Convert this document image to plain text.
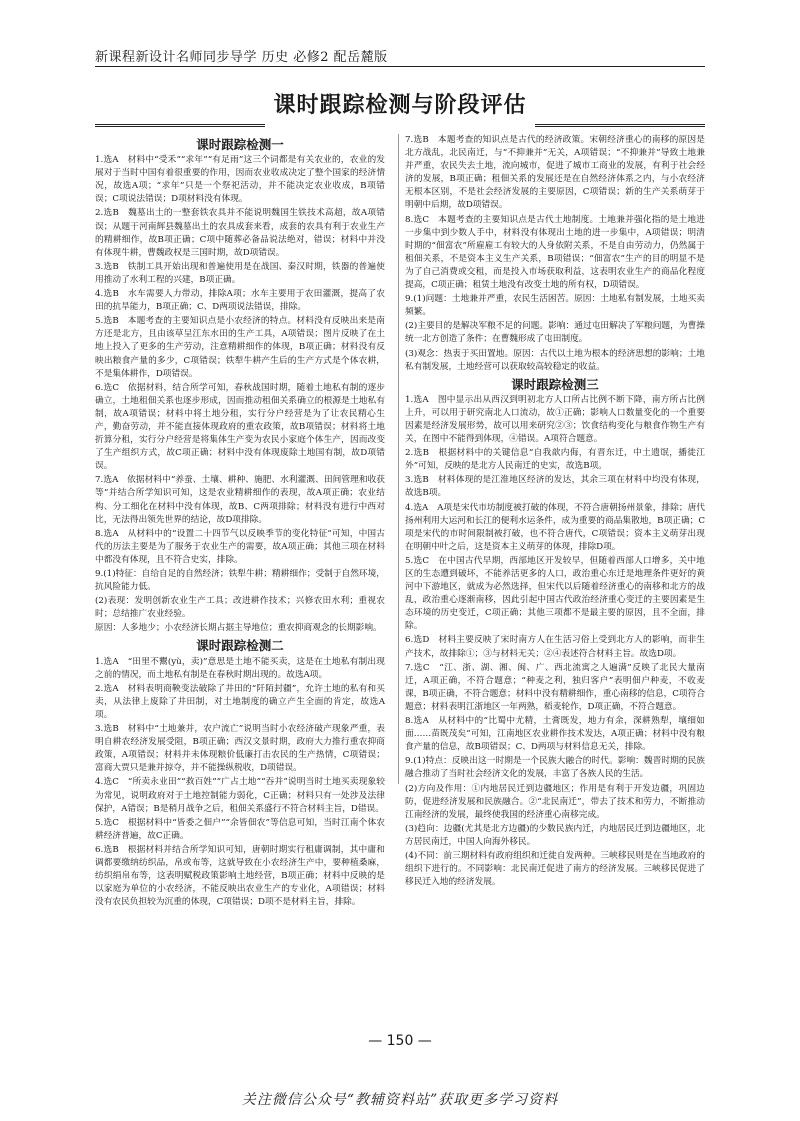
新课程新设计名师同步导学 历史 必修2 配岳麓版
课时跟踪检测与阶段评估
课时跟踪检测一
1.选A　材料中“受禾”“求年”“有足雨”这三个词都是有关农业的，农业的发展对于当时中国有着很重要的作用，因而农业收成决定了整个国家的经济情况，故选A项；“求年”只是一个祭祀活动，并不能决定农业收成，B项错误；C项说法错误；D项材料没有体现。
2.选B　魏墓出土的一整套铁农具并不能说明魏国生铁技术高超，故A项错误；从题干河南辉县魏墓出土的农具成套来看，成套的农具有利于农业生产的精耕细作，故B项正确；C项中随葬必备品说法绝对，错误；材料中并没有体现牛耕，曹魏政权是三国时期，故D项错误。
3.选B　铁制工具开始出现和普遍使用是在战国、秦汉时期，铁器的普遍使用推动了水利工程的兴建，B项正确。
4.选B　水车需要人力带动，排除A项；水车主要用于农田灌溉，提高了农田的抗旱能力，B项正确；C、D两项说法错误，排除。
5.选B　本题考查的主要知识点是小农经济的特点。材料没有反映出来是南方还是北方，且由该草呈江东水田的生产工具，A项错误；图片反映了在土地上投入了更多的生产劳动，注意精耕细作的体现，B项正确；材料没有反映出粮食产量的多少，C项错误；铁犁牛耕产生后的生产方式是个体农耕，不是集体耕作，D项错误。
6.选C　依据材料，结合所学可知，春秋战国时期，随着土地私有制的逐步确立，土地租佃关系也逐步形成，因而推动租佃关系确立的根源是土地私有制，故A项错误；材料中将土地分租，实行分户经营是为了让农民精心生产，勤奋劳动，并不能直接体现政府的重农政策，故B项错误；材料将土地折算分租，实行分户经营是将集体生产变为农民小家庭个体生产，因而改变了生产组织方式，故C项正确；材料中没有体现废除土地国有制，故D项错误。
7.选A　依据材料中“养蚕、土壤、耕种、施肥、水利灌溉、田间管理和收获等”并结合所学知识可知，这是农业精耕细作的表现，故A项正确；农业结构、分工细化在材料中没有体现，故B、C两项排除；材料没有进行中西对比，无法得出领先世界的结论，故D项排除。
8.选A　从材料中的“设置二十四节气以反映季节的变化特征”可知，中国古代的历法主要是为了服务于农业生产的需要，故A项正确；其他三项在材料中都没有体现，且不符合史实，排除。
9.(1)特征：自给自足的自然经济；铁犁牛耕；精耕细作；受制于自然环境，抗风险能力低。
(2)表现：发明创新农业生产工具；改进耕作技术；兴修农田水利；重视农时；总结推广农业经验。
原因：人多地少；小农经济长期占据主导地位；重农抑商观念的长期影响。
课时跟踪检测二
1.选A　“田里不鬻(yù，卖)”意思是土地不能买卖，这是在土地私有制出现之前的情况，而土地私有制是在春秋时期出现的。故选A项。
2.选A　材料表明商鞅变法破除了井田的“阡陌封疆”，允许土地的私有和买卖，从法律上废除了井田制，对土地制度的确立产生全面的肯定，故选A项。
3.选B　材料中“土地兼并，农户流亡”说明当时小农经济破产现象严重，表明自耕农经济发展受阻，B项正确；西汉文景时期，政府大力推行重农抑商政策，A项错误；材料并未体现粮价低廉打击农民的生产热情，C项错误；富商大贾只是兼并掠夺，并不能操纵税收，D项错误。
4.选C　“所卖永业田”“救百姓”“广占土地”“吞并”说明当时土地买卖现象较为常见，说明政府对于土地控制能力弱化，C正确；材料只有一处涉及法律保护，A错误；B是稍月战争之后，租佃关系盛行不符合材料主旨，D错误。
5.选C　根据材料中“皆委之佃户”“余皆佃农”等信息可知，当时江南个体农耕经济普遍，故C正确。
6.选B　根据材料并结合所学知识可知，唐朝时期实行租庸调制，其中庸和调都要缴纳纺织品，帛或布等，这就导致在小农经济生产中，要种植桑麻，纺织绢帛布等，这表明赋税政策影响土地经营，B项正确；材料中反映的是以家庭为单位的小农经济，不能反映出农业生产的专业化，A项错误；材料没有农民负担较为沉重的体现，C项错误；D项不是材料主旨，排除。
7.选B　本题考查的知识点是古代的经济政策。宋朝经济重心的南移的原因是北方战乱，北民南迁，与“不抑兼并”无关，A项错误；“不抑兼并”导致土地兼并严重，农民失去土地，流向城市，促进了城市工商业的发展，有利于社会经济的发展，B项正确；租佃关系的发展还是在自然经济体系之内，与小农经济无根本区别，不是社会经济发展的主要原因，C项错误；新的生产关系萌芽于明朝中后期，故D项错误。
8.选C　本题考查的主要知识点是古代土地制度。土地兼并强化指的是土地进一步集中到少数人手中，材料没有体现出土地的进一步集中，A项错误；明清时期的“佃富农”所雇雇工有较大的人身依附关系，不是自由劳动力，仍然属于租佃关系，不是资本主义生产关系，B项错误；“佃富农”生产的目的明显不是为了自己消费或交租，而是投入市场获取利益，这表明农业生产的商品化程度提高，C项正确；租赁土地没有改变土地的所有权，D项错误。
9.(1)问题：土地兼并严重，农民生活困苦。原因：土地私有制发展，土地买卖频繁。
(2)主要目的是解决军粮不足的问题。影响：通过屯田解决了军粮问题，为曹操统一北方创造了条件；在曹魏形成了屯田制度。
(3)观念：热衷于买田置地。原因：古代以土地为根本的经济思想的影响；土地私有制发展，土地经营可以获取较高较稳定的收益。
课时跟踪检测三
1.选A　图中显示出从西汉到明初北方人口所占比例不断下降，南方所占比例上升，可以用于研究南北人口流动，故①正确；影响人口数量变化的一个重要因素是经济发展形势，故可以用来研究②③；饮食结构变化与粮食作物生产有关，在图中不能得到体现，④错误。A项符合题意。
2.选B　根据材料中的关键信息“自我歆内侮，有晋东迁，中土遗氓，播徙江外”可知，反映的是北方人民南迁的史实，故选B项。
3.选B　材料体现的是江淮地区经济的发达，其余三项在材料中均没有体现，故选B项。
4.选A　A项是宋代市坊制度被打破的体现，不符合唐朝扬州景象，排除；唐代扬州利用大运河和长江的便利水运条件，成为重要的商品集散地，B项正确；C项是宋代的市时间限制被打破，也不符合唐代，C项错误；资本主义萌芽出现在明朝中叶之后，这是资本主义萌芽的体现，排除D项。
5.选C　在中国古代早期，西部地区开发较早，但随着西部人口增多，关中地区的生态遭到破坏，不能养活更多的人口，政治重心东迁是地理条件更好的黄河中下游地区，就成为必然选择，但宋代以后随着经济重心的南移和北方的战乱，政治重心逐渐南移，因此引起中国古代政治经济重心变迁的主要因素是生态环境的历史变迁，C项正确；其他三项都不是最主要的原因，且不全面，排除。
6.选D　材料主要反映了宋时南方人在生活习俗上受到北方人的影响，而非生产技术，故排除①；③与材料无关；②④表述符合材料主旨。故选D项。
7.选C　“江、浙、湖、湘、闽、广、西北流寓之人遍满”反映了北民大量南迁，A项正确，不符合题意；“种麦之利，独归客户”表明佃户种麦，不收麦课，B项正确，不符合题意；材料中没有精耕细作，重心南移的信息，C项符合题意；材料表明江浙地区一年两熟，稻麦轮作，D项正确，不符合题意。
8.选A　从材料中的“比蜀中尤精，土膏既发，地力有余，深耕熟犁，壤细如面……苗既茂矣”可知，江南地区农业耕作技术发达，A项正确；材料中没有粮食产量的信息，故B项错误；C、D两项与材料信息无关，排除。
9.(1)特点：反映出这一时期是一个民族大融合的时代。影响：魏晋时期的民族融合推动了当时社会经济文化的发展，丰富了各族人民的生活。
(2)方向及作用：①内地居民迁到边疆地区；作用是有利于开发边疆，巩固边防，促进经济发展和民族融合。②“北民南迁”，带去了技术和劳力，不断推动江南经济的发展，最终使我国的经济重心南移完成。
(3)趋向：边疆(尤其是北方边疆)的少数民族内迁，内地居民迁到边疆地区，北方居民南迁，中国人向海外移民。
(4)不同：前三期材料有政府组织和迁徙自发两种。三峡移民则是在当地政府的组织下进行的。不同影响：北民南迁促进了南方的经济发展。三峡移民促进了移民迁入地的经济发展。
— 150 —
关注微信公众号“教辅资料站”获取更多学习资料
